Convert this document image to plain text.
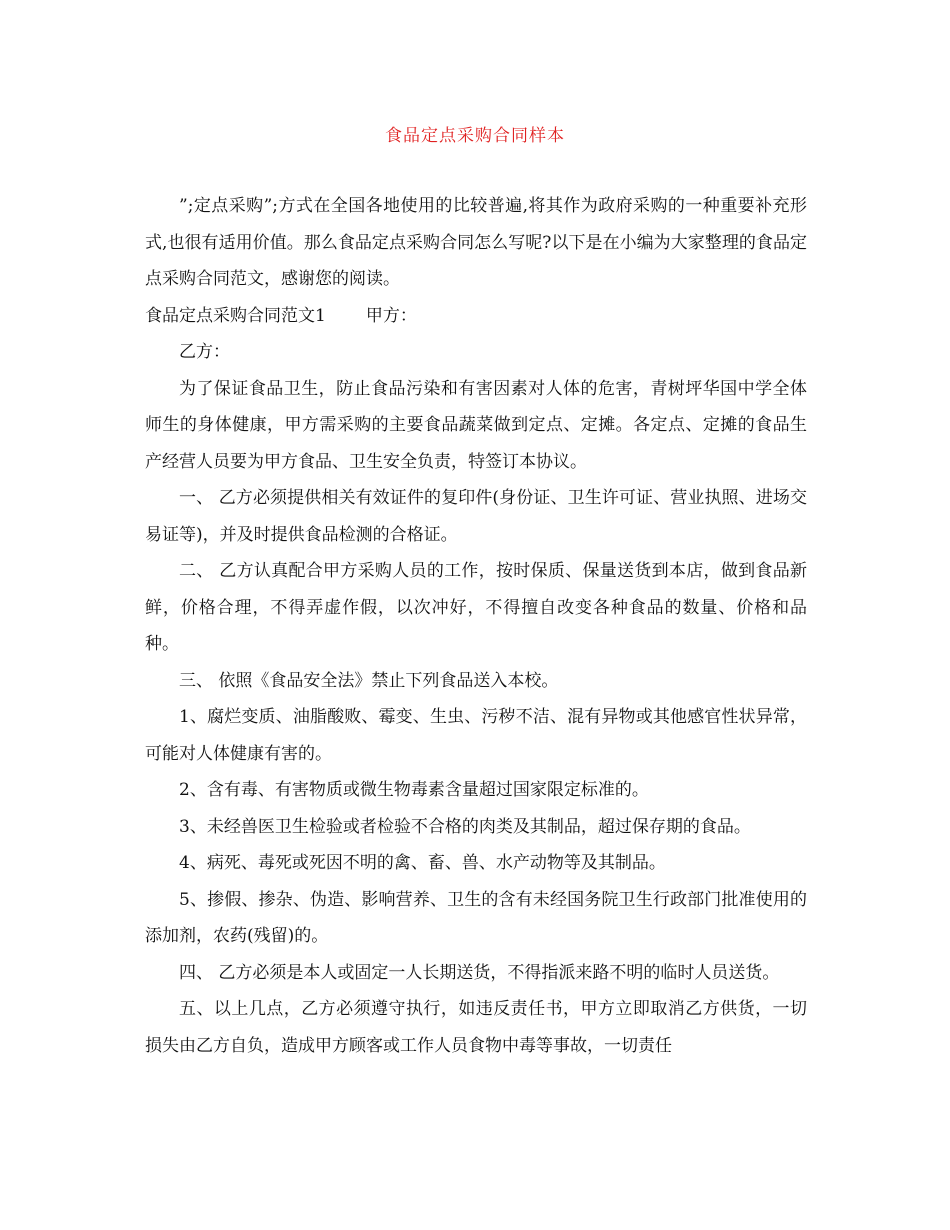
食品定点采购合同样本

”;定点采购”;方式在全国各地使用的比较普遍,将其作为政府采购的一种重要补充形式,也很有适用价值。那么食品定点采购合同怎么写呢?以下是在小编为大家整理的食品定点采购合同范文，感谢您的阅读。

食品定点采购合同范文1 甲方：

乙方：

为了保证食品卫生，防止食品污染和有害因素对人体的危害，青树坪华国中学全体师生的身体健康，甲方需采购的主要食品蔬菜做到定点、定摊。各定点、定摊的食品生产经营人员要为甲方食品、卫生安全负责，特签订本协议。

一、 乙方必须提供相关有效证件的复印件(身份证、卫生许可证、营业执照、进场交易证等)，并及时提供食品检测的合格证。

二、 乙方认真配合甲方采购人员的工作，按时保质、保量送货到本店，做到食品新鲜，价格合理，不得弄虚作假，以次冲好，不得擅自改变各种食品的数量、价格和品种。

三、 依照《食品安全法》禁止下列食品送入本校。

1、腐烂变质、油脂酸败、霉变、生虫、污秽不洁、混有异物或其他感官性状异常，可能对人体健康有害的。

2、含有毒、有害物质或微生物毒素含量超过国家限定标准的。

3、未经兽医卫生检验或者检验不合格的肉类及其制品，超过保存期的食品。

4、病死、毒死或死因不明的禽、畜、兽、水产动物等及其制品。

5、掺假、掺杂、伪造、影响营养、卫生的含有未经国务院卫生行政部门批准使用的添加剂，农药(残留)的。

四、 乙方必须是本人或固定一人长期送货，不得指派来路不明的临时人员送货。

五、以上几点，乙方必须遵守执行，如违反责任书，甲方立即取消乙方供货，一切损失由乙方自负，造成甲方顾客或工作人员食物中毒等事故，一切责任
